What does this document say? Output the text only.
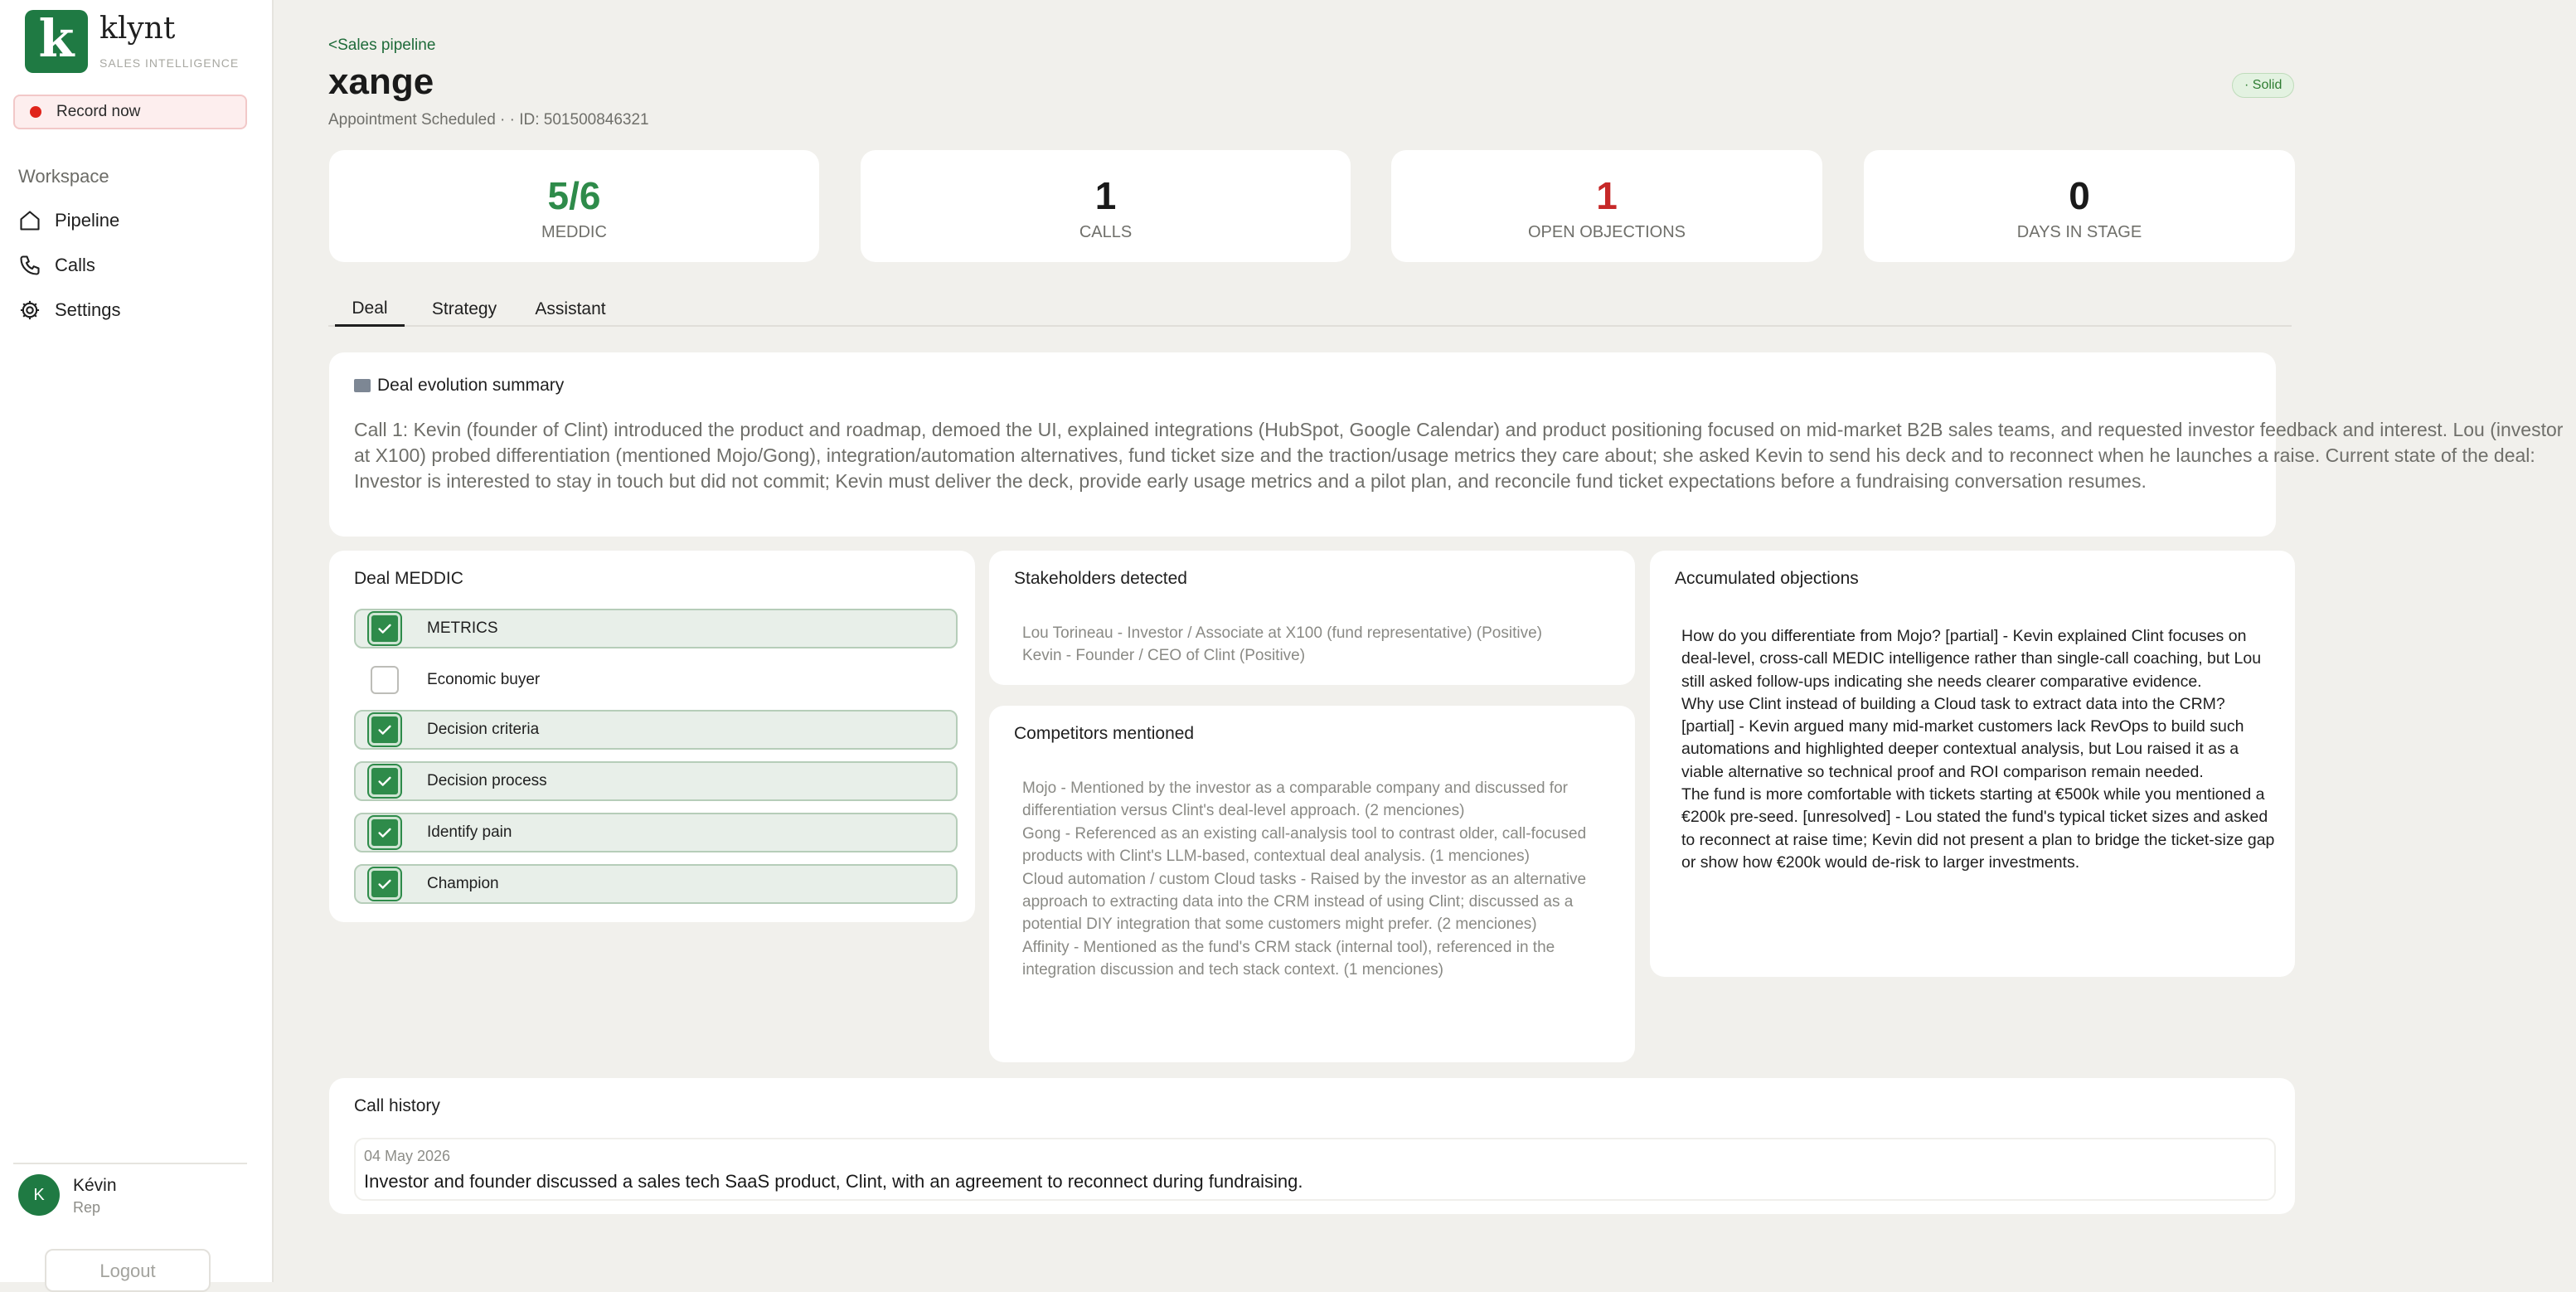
k klynt
SALES INTELLIGENCE
Record now
Workspace
Pipeline
Calls
Settings
K	Kévin
Rep
Logout
<Sales pipeline
xange
Appointment Scheduled · · ID: 501500846321
· Solid
5/6
MEDDIC
1
CALLS
1
OPEN OBJECTIONS
0
DAYS IN STAGE
Deal	Strategy	Assistant
Deal evolution summary
Call 1: Kevin (founder of Clint) introduced the product and roadmap, demoed the UI, explained integrations (HubSpot, Google Calendar) and product positioning focused on mid-market B2B sales teams, and requested investor feedback and interest. Lou (investor at X100) probed differentiation (mentioned Mojo/Gong), integration/automation alternatives, fund ticket size and the traction/usage metrics they care about; she asked Kevin to send his deck and to reconnect when he launches a raise. Current state of the deal: Investor is interested to stay in touch but did not commit; Kevin must deliver the deck, provide early usage metrics and a pilot plan, and reconcile fund ticket expectations before a fundraising conversation resumes.
Deal MEDDIC
METRICS
Economic buyer
Decision criteria
Decision process
Identify pain
Champion
Stakeholders detected
Lou Torineau - Investor / Associate at X100 (fund representative) (Positive)
Kevin - Founder / CEO of Clint (Positive)
Competitors mentioned
Mojo - Mentioned by the investor as a comparable company and discussed for differentiation versus Clint's deal-level approach. (2 menciones)
Gong - Referenced as an existing call-analysis tool to contrast older, call-focused products with Clint's LLM-based, contextual deal analysis. (1 menciones)
Cloud automation / custom Cloud tasks - Raised by the investor as an alternative approach to extracting data into the CRM instead of using Clint; discussed as a potential DIY integration that some customers might prefer. (2 menciones)
Affinity - Mentioned as the fund's CRM stack (internal tool), referenced in the integration discussion and tech stack context. (1 menciones)
Accumulated objections
How do you differentiate from Mojo? [partial] - Kevin explained Clint focuses on deal-level, cross-call MEDIC intelligence rather than single-call coaching, but Lou still asked follow-ups indicating she needs clearer comparative evidence.
Why use Clint instead of building a Cloud task to extract data into the CRM? [partial] - Kevin argued many mid-market customers lack RevOps to build such automations and highlighted deeper contextual analysis, but Lou raised it as a viable alternative so technical proof and ROI comparison remain needed.
The fund is more comfortable with tickets starting at €500k while you mentioned a €200k pre-seed. [unresolved] - Lou stated the fund's typical ticket sizes and asked to reconnect at raise time; Kevin did not present a plan to bridge the ticket-size gap or show how €200k would de-risk to larger investments.
Call history
04 May 2026
Investor and founder discussed a sales tech SaaS product, Clint, with an agreement to reconnect during fundraising.
